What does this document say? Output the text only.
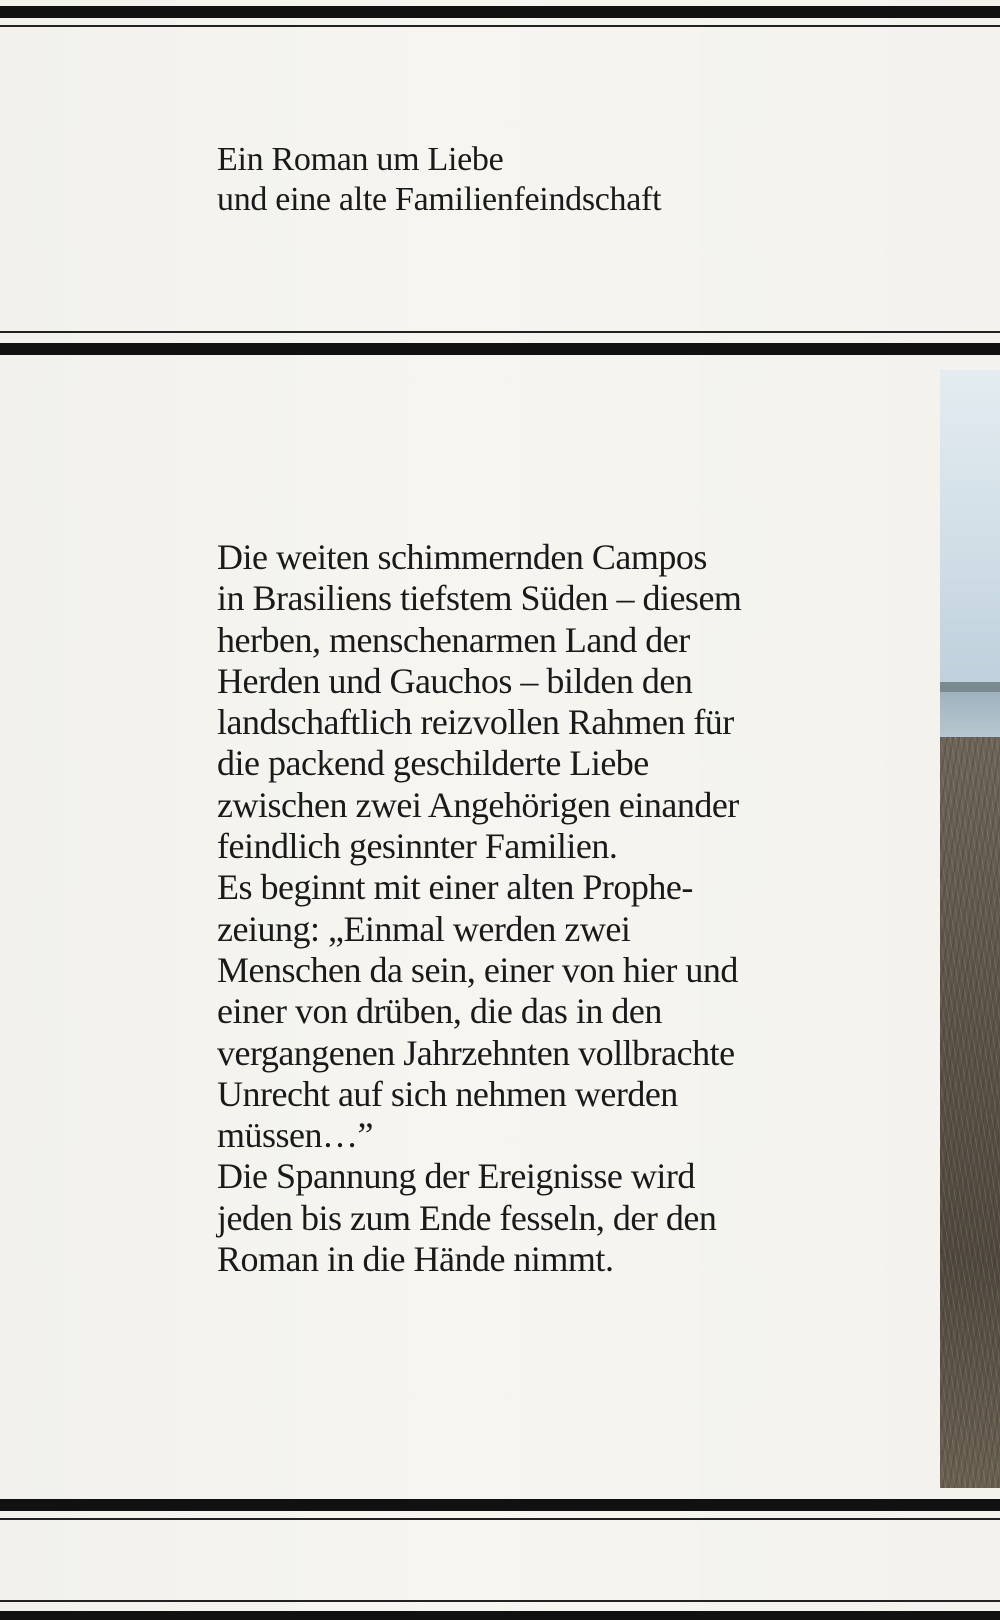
Ein Roman um Liebe
und eine alte Familienfeindschaft

Die weiten schimmernden Campos
in Brasiliens tiefstem Süden – diesem
herben, menschenarmen Land der
Herden und Gauchos – bilden den
landschaftlich reizvollen Rahmen für
die packend geschilderte Liebe
zwischen zwei Angehörigen einander
feindlich gesinnter Familien.
Es beginnt mit einer alten Prophe-
zeiung: „Einmal werden zwei
Menschen da sein, einer von hier und
einer von drüben, die das in den
vergangenen Jahrzehnten vollbrachte
Unrecht auf sich nehmen werden
müssen…”
Die Spannung der Ereignisse wird
jeden bis zum Ende fesseln, der den
Roman in die Hände nimmt.
